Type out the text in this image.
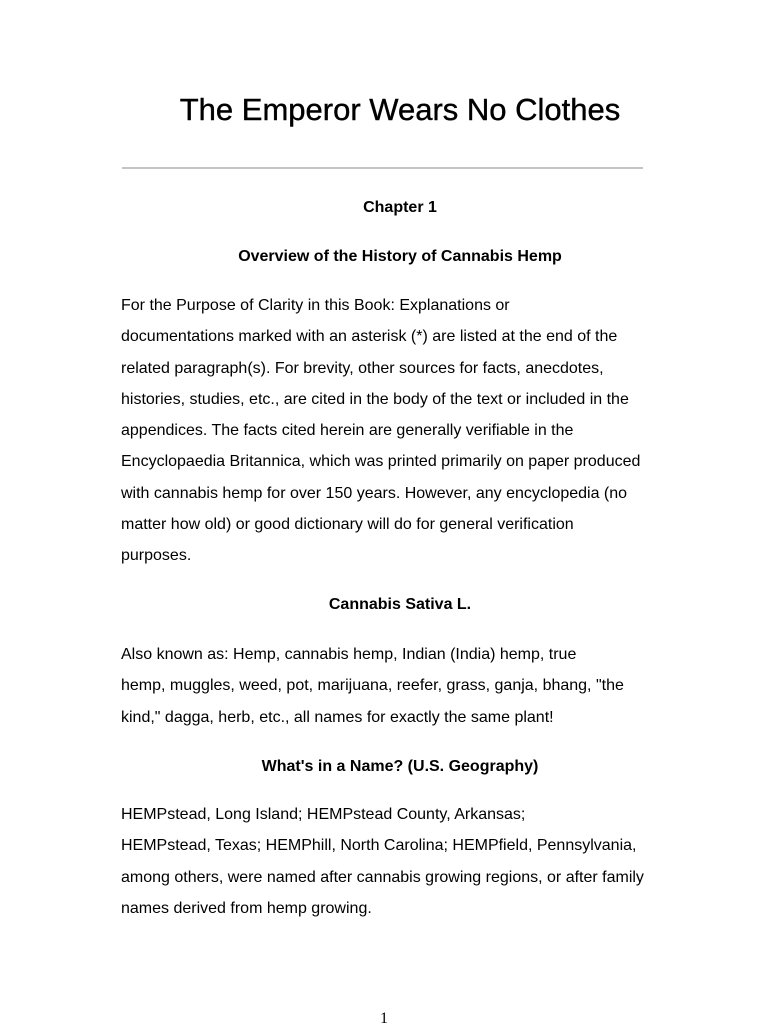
The Emperor Wears No Clothes
Chapter 1
Overview of the History of Cannabis Hemp

For the Purpose of Clarity in this Book: Explanations or
documentations marked with an asterisk (*) are listed at the end of the
related paragraph(s). For brevity, other sources for facts, anecdotes,
histories, studies, etc., are cited in the body of the text or included in the
appendices. The facts cited herein are generally verifiable in the
Encyclopaedia Britannica, which was printed primarily on paper produced
with cannabis hemp for over 150 years. However, any encyclopedia (no
matter how old) or good dictionary will do for general verification
purposes.

Cannabis Sativa L.

Also known as: Hemp, cannabis hemp, Indian (India) hemp, true
hemp, muggles, weed, pot, marijuana, reefer, grass, ganja, bhang, "the
kind," dagga, herb, etc., all names for exactly the same plant!

What's in a Name? (U.S. Geography)

HEMPstead, Long Island; HEMPstead County, Arkansas;
HEMPstead, Texas; HEMPhill, North Carolina; HEMPfield, Pennsylvania,
among others, were named after cannabis growing regions, or after family
names derived from hemp growing.

1
